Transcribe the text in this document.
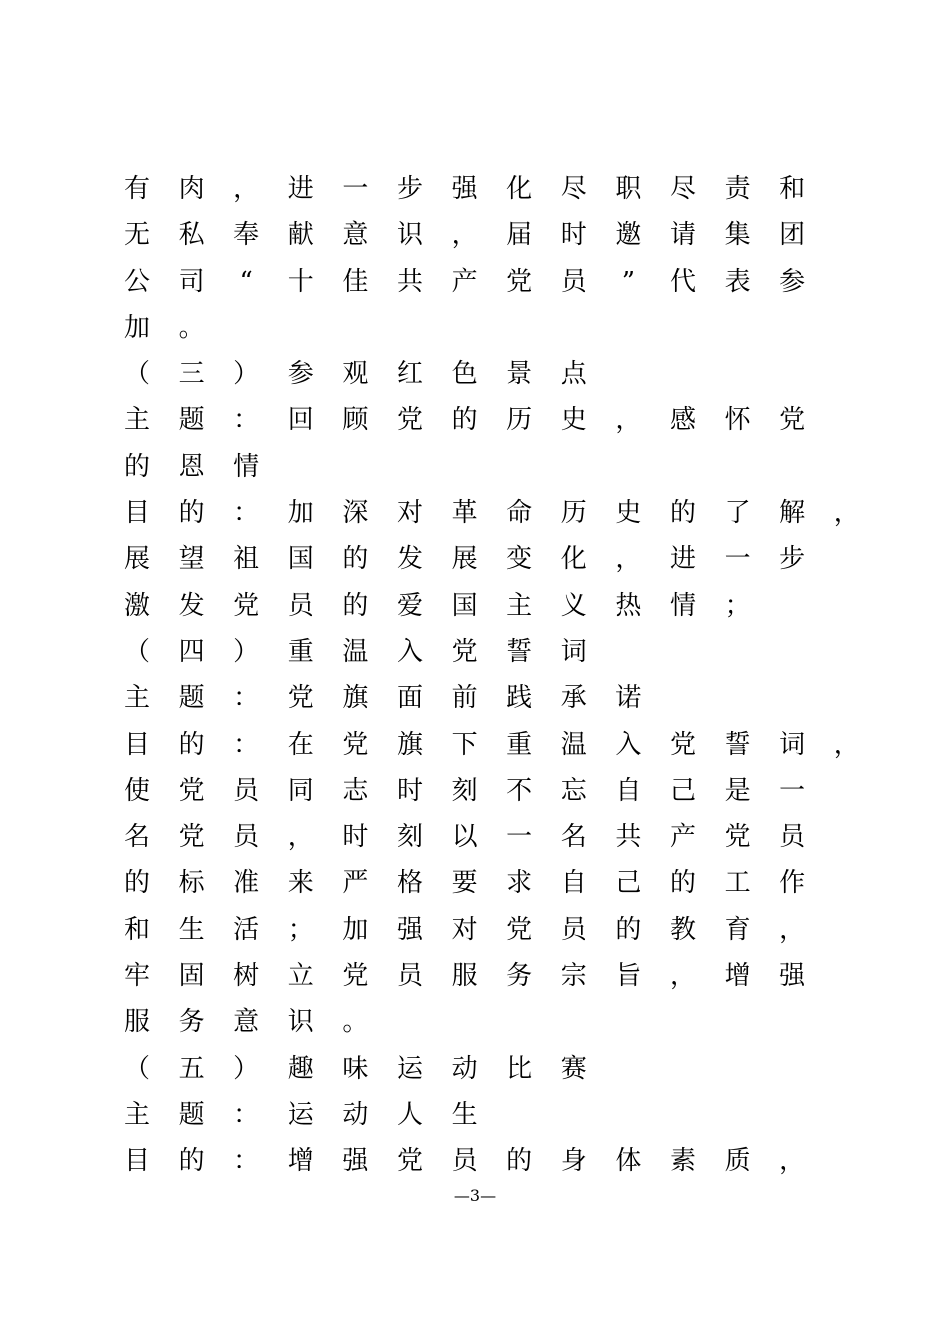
有 肉 ， 进 一 步 强 化 尽 职 尽 责 和
无 私 奉 献 意 识 ， 届 时 邀 请 集 团
公 司 “ 十 佳 共 产 党 员 ” 代 表 参
加 。
（ 三 ） 参 观 红 色 景 点
主 题 ： 回 顾 党 的 历 史 ， 感 怀 党
的 恩 情
目 的 ： 加 深 对 革 命 历 史 的 了 解 ，
展 望 祖 国 的 发 展 变 化 ， 进 一 步
激 发 党 员 的 爱 国 主 义 热 情 ；
（ 四 ） 重 温 入 党 誓 词
主 题 ： 党 旗 面 前 践 承 诺
目 的 ： 在 党 旗 下 重 温 入 党 誓 词 ，
使 党 员 同 志 时 刻 不 忘 自 己 是 一
名 党 员 ， 时 刻 以 一 名 共 产 党 员
的 标 准 来 严 格 要 求 自 己 的 工 作
和 生 活 ； 加 强 对 党 员 的 教 育 ，
牢 固 树 立 党 员 服 务 宗 旨 ， 增 强
服 务 意 识 。
（ 五 ） 趣 味 运 动 比 赛
主 题 ： 运 动 人 生
目 的 ： 增 强 党 员 的 身 体 素 质 ，
—3—
